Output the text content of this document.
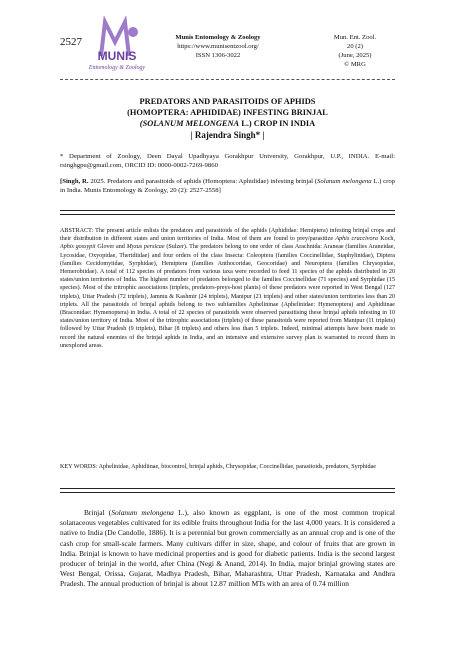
2527
MUNIS
Entomology & Zoology
Munis Entomology & Zoology
https://www.munisentzool.org/
ISSN 1306-3022
Mun. Ent. Zool.
20 (2)
(June, 2025)
© MRG
PREDATORS AND PARASITOIDS OF APHIDS
(HOMOPTERA: APHIDIDAE) INFESTING BRINJAL
(SOLANUM MELONGENA L.) CROP IN INDIA
| Rajendra Singh* |
* Department of Zoology, Deen Dayal Upadhyaya Gorakhpur University, Gorakhpur, U.P., INDIA. E-mail: rsinghgpu@gmail.com, ORCID ID: 0000-0002-7269-9860
[Singh, R. 2025. Predators and parasitoids of aphids (Homoptera: Aphididae) infesting brinjal (Solanum melongena L.) crop in India. Munis Entomology & Zoology, 20 (2): 2527-2558]
ABSTRACT: The present article enlists the predators and parasitoids of the aphids (Aphididae: Hemiptera) infesting brinjal crops and their distribution in different states and union territories of India. Most of them are found to prey/parasitize Aphis craccivora Koch, Aphis gossypii Glover and Myzus persicae (Sulzer). The predators belong to one order of class Arachnida: Araneae (families Araneidae, Lycosidae, Oxyopidae, Theridiidae) and four orders of the class Insecta: Coleoptera (families Coccinellidae, Staphylinidae), Diptera (families Cecidomyiidae, Syrphidae), Hemiptera (families Anthocoridae, Geocoridae) and Neuroptera (families Chrysopidae, Hemerobiidae). A total of 112 species of predators from various taxa were recorded to feed 11 species of the aphids distributed in 20 states/union territories of India. The highest number of predators belonged to the families Coccinellidae (71 species) and Syrphidae (15 species). Most of the tritrophic associations (triplets, predators-preys-host plants) of these predators were reported in West Bengal (127 triplets), Uttar Pradesh (72 triplets), Jammu & Kashmir (24 triplets), Manipur (21 triplets) and other states/union territories less than 20 triplets. All the parasitoids of brinjal aphids belong to two subfamilies Aphelininae (Aphelinidae: Hymenoptera) and Aphidiinae (Braconidae: Hymenoptera) in India. A total of 22 species of parasitoids were observed parasitising these brinjal aphids infesting in 10 states/union territory of India. Most of the tritrophic associations (triplets) of these parasitoids were reported from Manipur (11 triplets) followed by Uttar Pradesh (9 triplets), Bihar (8 triplets) and others less than 5 triplets. Indeed, minimal attempts have been made to record the natural enemies of the brinjal aphids in India, and an intensive and extensive survey plan is warranted to record them in unexplored areas.
KEY WORDS: Aphelinidae, Aphidiinae, biocontrol, brinjal aphids, Chrysopidae, Coccinellidae, parasitoids, predators, Syrphidae
Brinjal (Solanum melongena L.), also known as eggplant, is one of the most common tropical solanaceous vegetables cultivated for its edible fruits throughout India for the last 4,000 years. It is considered a native to India (De Candolle, 1886). It is a perennial but grown commercially as an annual crop and is one of the cash crop for small-scale farmers. Many cultivars differ in size, shape, and colour of fruits that are grown in India. Brinjal is known to have medicinal properties and is good for diabetic patients. India is the second largest producer of brinjal in the world, after China (Negi & Anand, 2014). In India, major brinjal growing states are West Bengal, Orissa, Gujarat, Madhya Pradesh, Bihar, Maharashtra, Uttar Pradesh, Karnataka and Andhra Pradesh. The annual production of brinjal is about 12.87 million MTs with an area of 0.74 million
